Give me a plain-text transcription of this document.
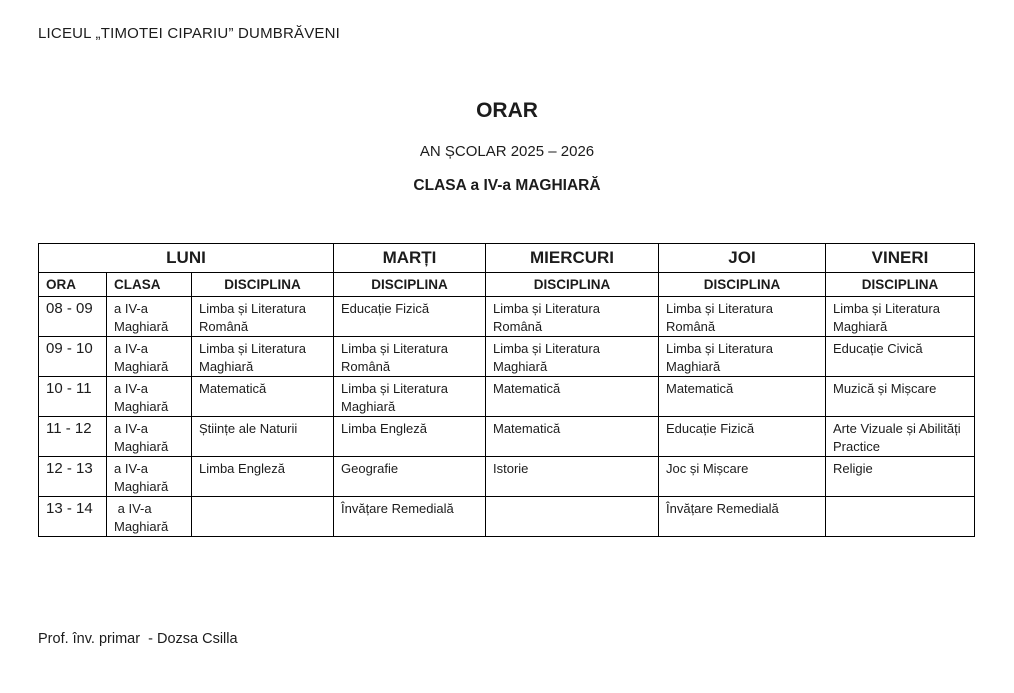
LICEUL „TIMOTEI CIPARIU” DUMBRĂVENI

ORAR

AN ȘCOLAR 2025 – 2026

CLASA a IV-a MAGHIARĂ

LUNI			MARȚI	MIERCURI	JOI	VINERI
ORA	CLASA	DISCIPLINA	DISCIPLINA	DISCIPLINA	DISCIPLINA	DISCIPLINA
08 - 09	a IV-a Maghiară	Limba și Literatura Română	Educație Fizică	Limba și Literatura Română	Limba și Literatura Română	Limba și Literatura Maghiară
09 - 10	a IV-a Maghiară	Limba și Literatura Maghiară	Limba și Literatura Română	Limba și Literatura Maghiară	Limba și Literatura Maghiară	Educație Civică
10 - 11	a IV-a Maghiară	Matematică	Limba și Literatura Maghiară	Matematică	Matematică	Muzică și Mișcare
11 - 12	a IV-a Maghiară	Științe ale Naturii	Limba Engleză	Matematică	Educație Fizică	Arte Vizuale și Abilități Practice
12 - 13	a IV-a Maghiară	Limba Engleză	Geografie	Istorie	Joc și Mișcare	Religie
13 - 14	a IV-a Maghiară		Învățare Remedială		Învățare Remedială	

Prof. înv. primar  - Dozsa Csilla
